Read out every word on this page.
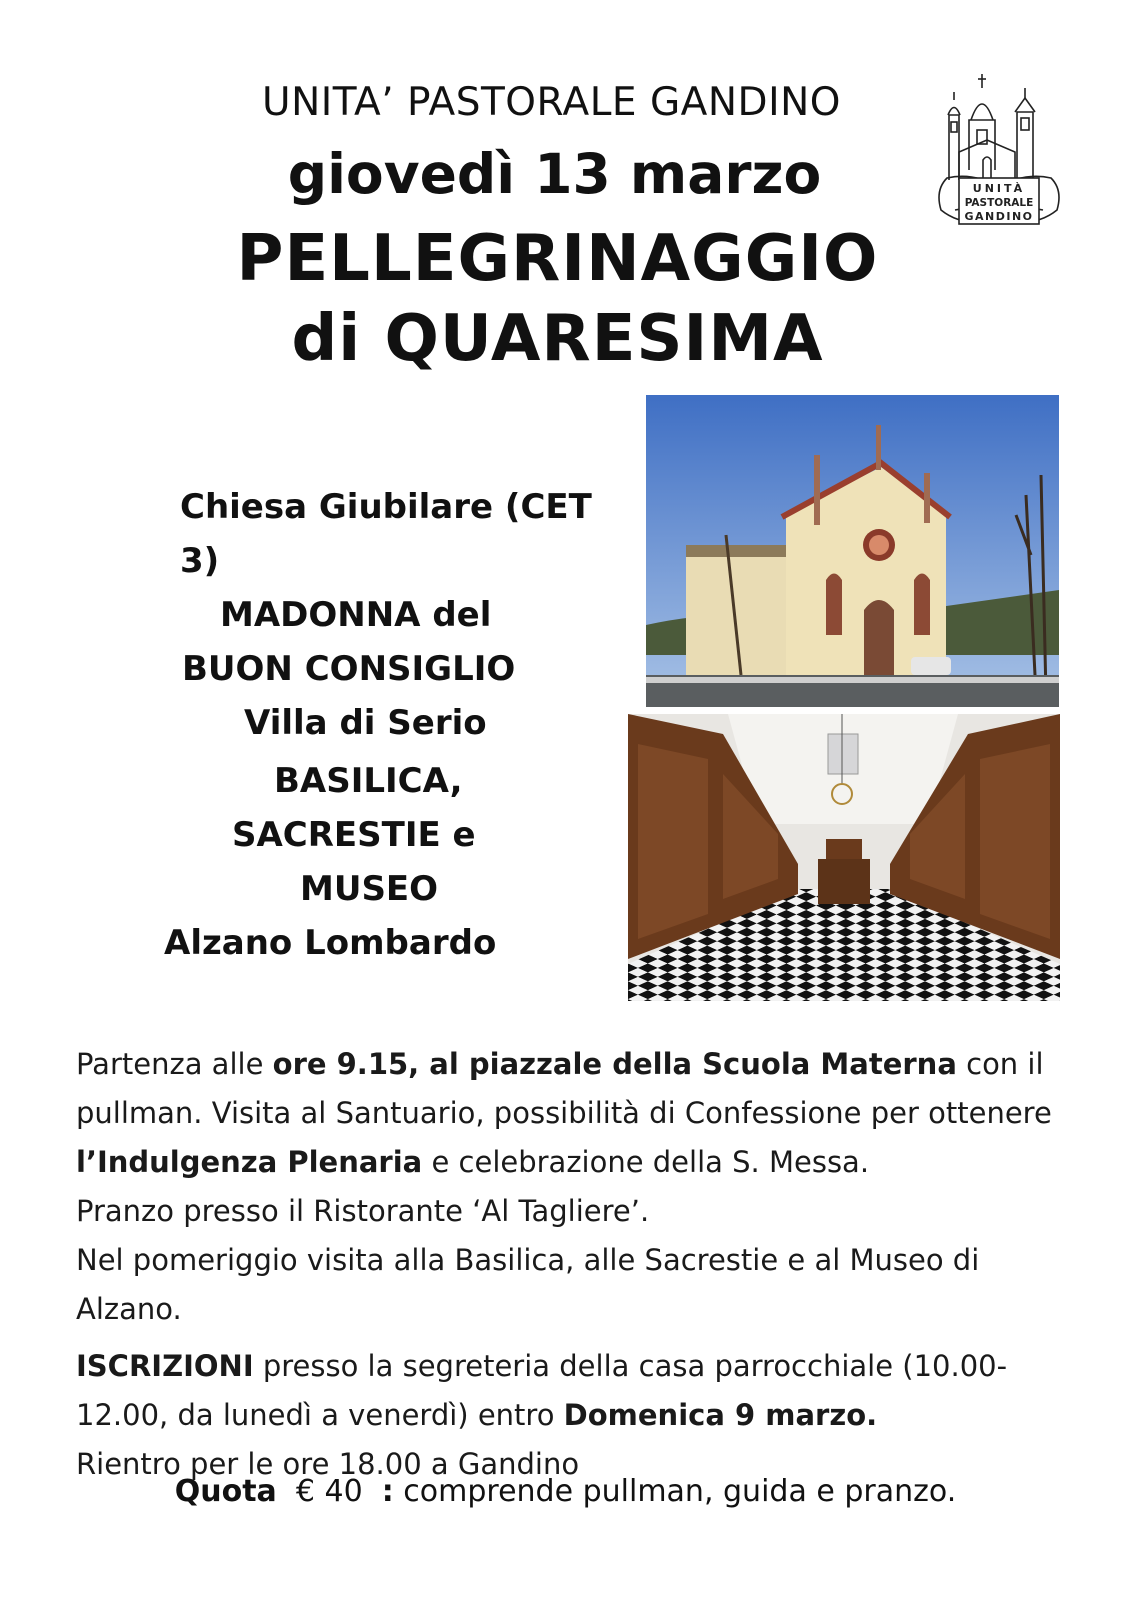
UNITA’ PASTORALE GANDINO
giovedì 13 marzo
PELLEGRINAGGIO
di QUARESIMA
UNITÀ
PASTORALE
GANDINO
Chiesa Giubilare (CET 3)
MADONNA del
BUON CONSIGLIO
Villa di Serio
BASILICA,
SACRESTIE e
MUSEO
Alzano Lombardo
Partenza alle ore 9.15, al piazzale della Scuola Materna con il
pullman. Visita al Santuario, possibilità di Confessione per ottenere
l’Indulgenza Plenaria e celebrazione della S. Messa.
Pranzo presso il Ristorante ‘Al Tagliere’.
Nel pomeriggio visita alla Basilica, alle Sacrestie e al Museo di Alzano.
ISCRIZIONI presso la segreteria della casa parrocchiale (10.00-
12.00, da lunedì a venerdì) entro Domenica 9 marzo.
Rientro per le ore 18.00 a Gandino
Quota € 40 : comprende pullman, guida e pranzo.
